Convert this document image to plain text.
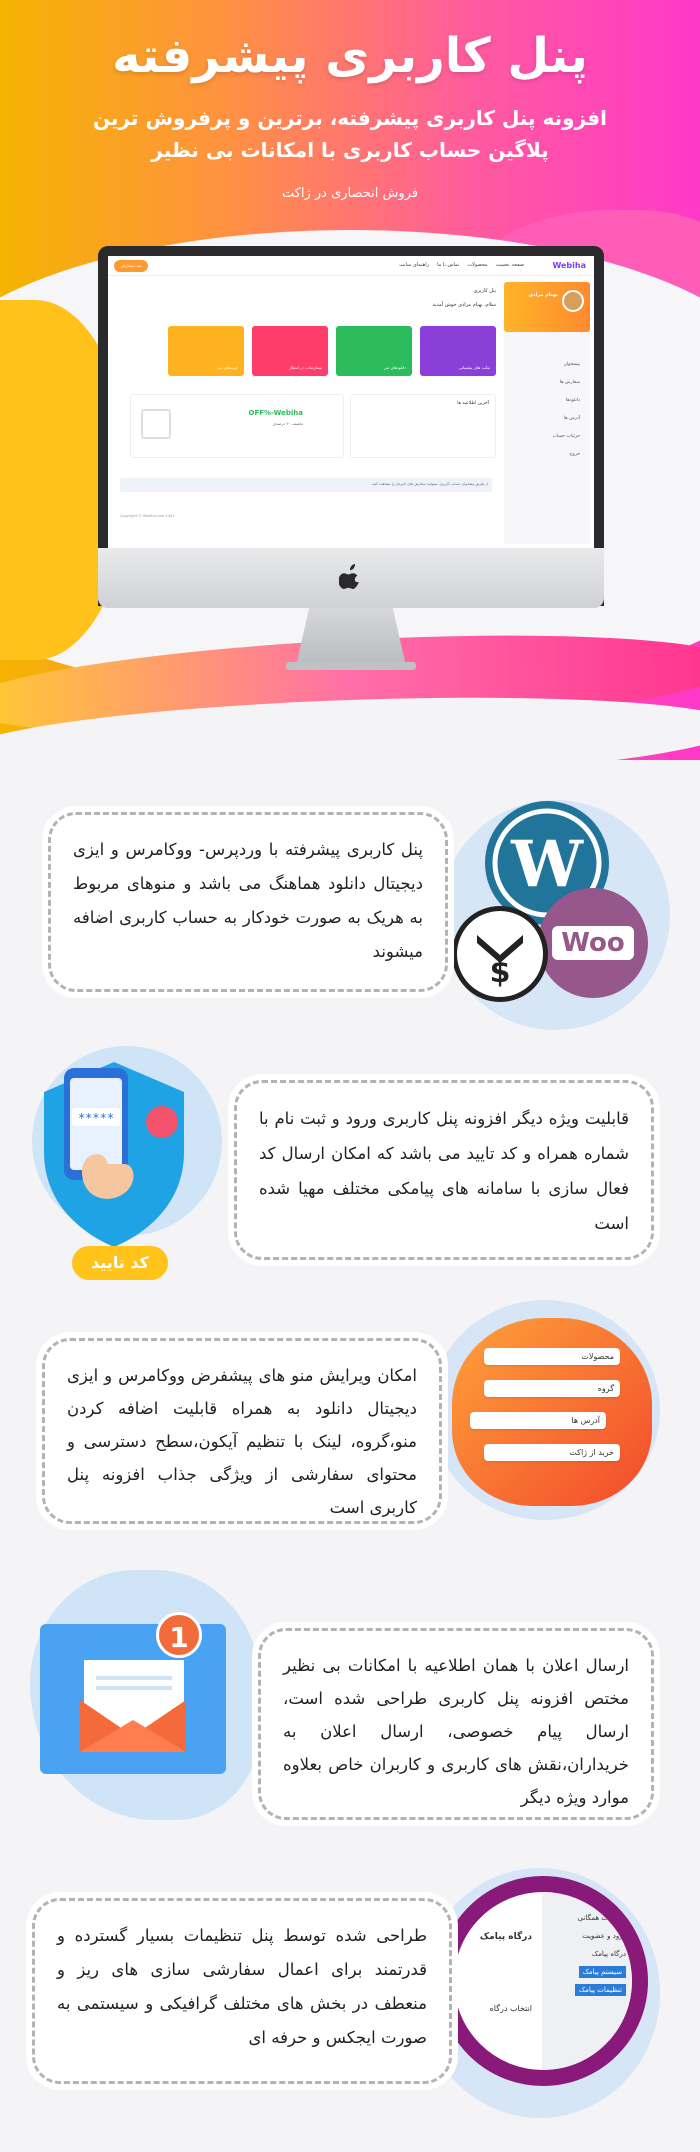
پنل کاربری پیشرفته
افزونه پنل کاربری پیشرفته، برترین و پرفروش ترین
پلاگین حساب کاربری با امکانات بی نظیر
فروش انحصاری در ژاکت
Webiha
صفحه نخست
محصولات
تماس با ما
راهنمای سایت
ثبت سفارش
پیشخوان
سفارش ها
دانلودها
آدرس ها
جزئیات حساب
خروج
بهنام مرادی
پنل کاربری
سلام، بهنام مرادی خوش آمدید
تیکت های پشتیبانی
دانلودهای من
سفارشات در انتظار
خریدهای من
آخرین اطلاعیه ها
OFF%-Webiha
تخفیف ۲۰ درصدی
از طریق پیشخوان حساب کاربری، میتوانید سفارش های اخیرتان را مشاهده کنید.
Copyright © Webiha.com 1401
W
Woo
$
پنل کاربری پیشرفته با وردپرس- ووکامرس و ایزی دیجیتال دانلود هماهنگ می باشد و منوهای مربوط به هریک به صورت خودکار به حساب کاربری اضافه میشوند
*****
کد تایید
قابلیت ویژه دیگر افزونه پنل کاربری ورود و ثبت نام با شماره همراه و کد تایید می باشد که امکان ارسال کد فعال سازی با سامانه های پیامکی مختلف مهیا شده است
محصولات
گروه
آدرس ها
خرید از ژاکت
امکان ویرایش منو های پیشفرض ووکامرس و ایزی دیجیتال دانلود به همراه قابلیت اضافه کردن منو،گروه، لینک با تنظیم آیکون،سطح دسترسی و محتوای سفارشی از ویژگی جذاب افزونه پنل کاربری است
1
ارسال اعلان با همان اطلاعیه با امکانات بی نظیر مختص افزونه پنل کاربری طراحی شده است، ارسال پیام خصوصی، ارسال اعلان به خریداران،نقش های کاربری و کاربران خاص بعلاوه موارد ویژه دیگر
تنظیمات همگانی
ورود و عضویت
درگاه پیامک
سیستم پیامک
تنظیمات پیامک
درگاه پیامک
انتخاب درگاه
طراحی شده توسط پنل تنظیمات بسیار گسترده و قدرتمند برای اعمال سفارشی سازی های ریز و منعطف در بخش های مختلف گرافیکی و سیستمی به صورت ایجکس و حرفه ای
